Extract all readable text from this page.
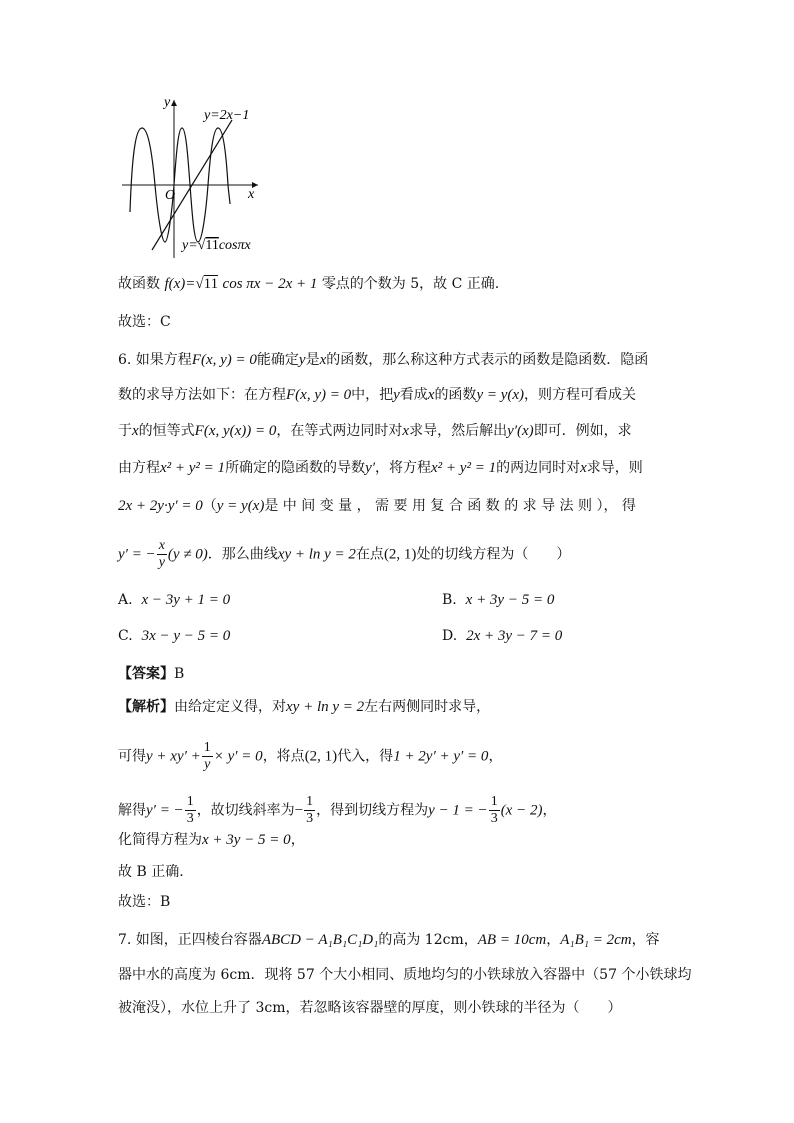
x
y
O
y=2x−1
y=√11cosπx
故函数 f(x)=√11 cos πx − 2x + 1 零点的个数为 5，故 C 正确.
故选：C
6. 如果方程F(x, y) = 0能确定y是x的函数，那么称这种方式表示的函数是隐函数．隐函
数的求导方法如下：在方程F(x, y) = 0中，把y看成x的函数y = y(x)，则方程可看成关
于x的恒等式F(x, y(x)) = 0，在等式两边同时对x求导，然后解出y′(x)即可．例如，求
由方程x² + y² = 1所确定的隐函数的导数y′，将方程x² + y² = 1的两边同时对x求导，则
2x + 2y·y′ = 0（y = y(x)是 中 间 变 量 ， 需 要 用 复 合 函 数 的 求 导 法 则 ）， 得
y′ = − $\frac{x}{y} (y \ne 0)$．那么曲线xy + ln y = 2在点(2, 1)处的切线方程为（　　）
A. x − 3y + 1 = 0	B. x + 3y − 5 = 0
C. 3x − y − 5 = 0	D. 2x + 3y − 7 = 0
【答案】B
【解析】由给定定义得，对xy + ln y = 2左右两侧同时求导，
可得$y + xy' + \frac{1}{y} \times y' = 0$，将点(2, 1)代入，得1 + 2y′ + y′ = 0，
解得y′ = − $\frac{1}{3}$ ，故切线斜率为− $\frac{1}{3}$ ，得到切线方程为y − 1 = − $\frac{1}{3} (x - 2)$，
化简得方程为x + 3y − 5 = 0，
故 B 正确.
故选：B
7. 如图，正四棱台容器ABCD − A₁B₁C₁D₁的高为 12cm，AB = 10cm，A₁B₁ = 2cm，容
器中水的高度为 6cm．现将 57 个大小相同、质地均匀的小铁球放入容器中（57 个小铁球均
被淹没），水位上升了 3cm，若忽略该容器壁的厚度，则小铁球的半径为（　　）
